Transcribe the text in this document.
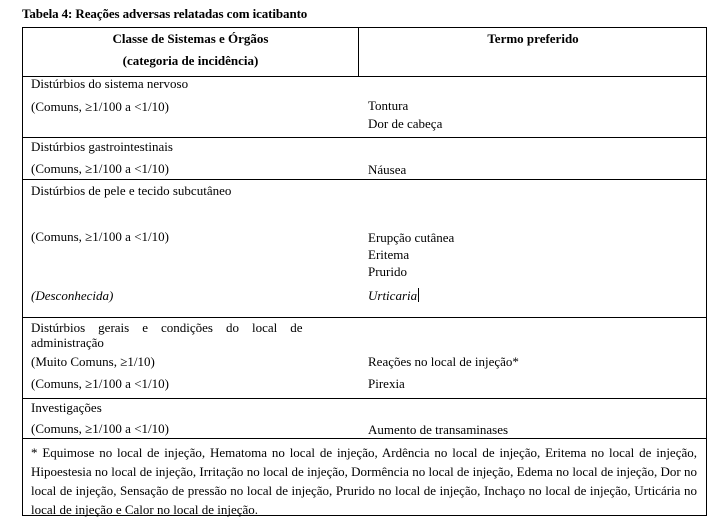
Tabela 4: Reações adversas relatadas com icatibanto
Classe de Sistemas e Órgãos
(categoria de incidência)
Termo preferido
Distúrbios do sistema nervoso
(Comuns, ≥1/100 a <1/10)	Tontura
Dor de cabeça
Distúrbios gastrointestinais
(Comuns, ≥1/100 a <1/10)	Náusea
Distúrbios de pele e tecido subcutâneo
(Comuns, ≥1/100 a <1/10)	Erupção cutânea
Eritema
Prurido
(Desconhecida)	Urticaria
Distúrbios    gerais    e    condições    do    local    de
administração
(Muito Comuns, ≥1/10)	Reações no local de injeção*
(Comuns, ≥1/100 a <1/10)	Pirexia
Investigações
(Comuns, ≥1/100 a <1/10)	Aumento de transaminases
* Equimose no local de injeção, Hematoma no local de injeção, Ardência no local de injeção, Eritema no local de injeção, Hipoestesia no local de injeção, Irritação no local de injeção, Dormência no local de injeção, Edema no local de injeção, Dor no local de injeção, Sensação de pressão no local de injeção, Prurido no local de injeção, Inchaço no local de injeção, Urticária no local de injeção e Calor no local de injeção.
